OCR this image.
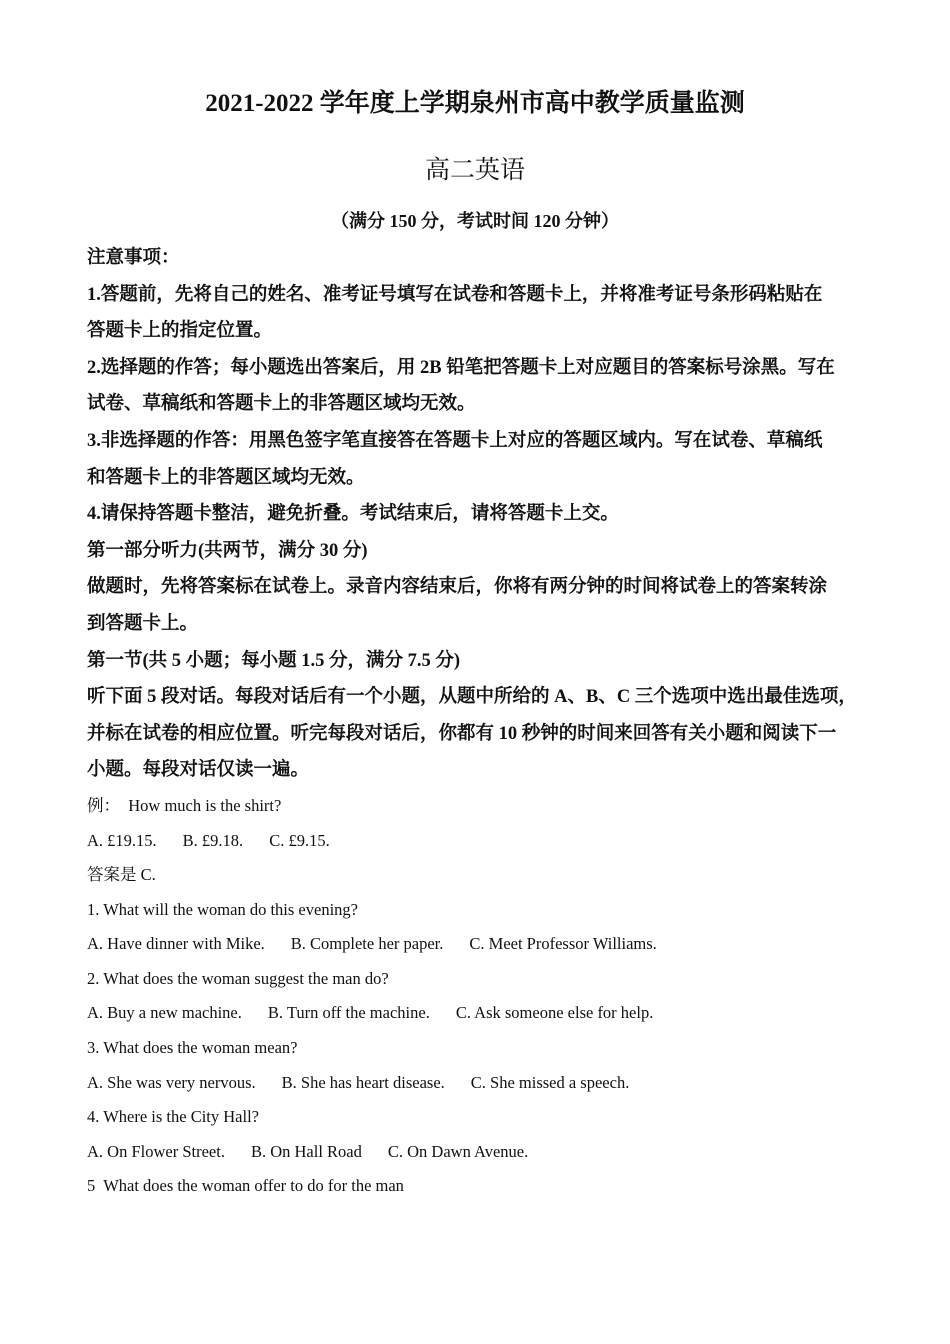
2021-2022 学年度上学期泉州市高中教学质量监测
高二英语
（满分 150 分，考试时间 120 分钟）

注意事项：

1.答题前，先将自己的姓名、准考证号填写在试卷和答题卡上，并将准考证号条形码粘贴在

答题卡上的指定位置。

2.选择题的作答；每小题选出答案后，用 2B 铅笔把答题卡上对应题目的答案标号涂黑。写在

试卷、草稿纸和答题卡上的非答题区域均无效。

3.非选择题的作答：用黑色签字笔直接答在答题卡上对应的答题区域内。写在试卷、草稿纸

和答题卡上的非答题区域均无效。

4.请保持答题卡整洁，避免折叠。考试结束后，请将答题卡上交。

第一部分听力(共两节，满分 30 分)

做题时，先将答案标在试卷上。录音内容结束后，你将有两分钟的时间将试卷上的答案转涂

到答题卡上。

第一节(共 5 小题；每小题 1.5 分，满分 7.5 分)

听下面 5 段对话。每段对话后有一个小题，从题中所给的 A、B、C 三个选项中选出最佳选项，

并标在试卷的相应位置。听完每段对话后，你都有 10 秒钟的时间来回答有关小题和阅读下一

小题。每段对话仅读一遍。

例：  How much is the shirt?

A. £19.15. B. £9.18. C. £9.15.

答案是 C.

1. What will the woman do this evening?

A. Have dinner with Mike. B. Complete her paper. C. Meet Professor Williams.

2. What does the woman suggest the man do?

A. Buy a new machine. B. Turn off the machine. C. Ask someone else for help.

3. What does the woman mean?

A. She was very nervous. B. She has heart disease. C. She missed a speech.

4. Where is the City Hall?

A. On Flower Street. B. On Hall Road C. On Dawn Avenue.

5  What does the woman offer to do for the man
